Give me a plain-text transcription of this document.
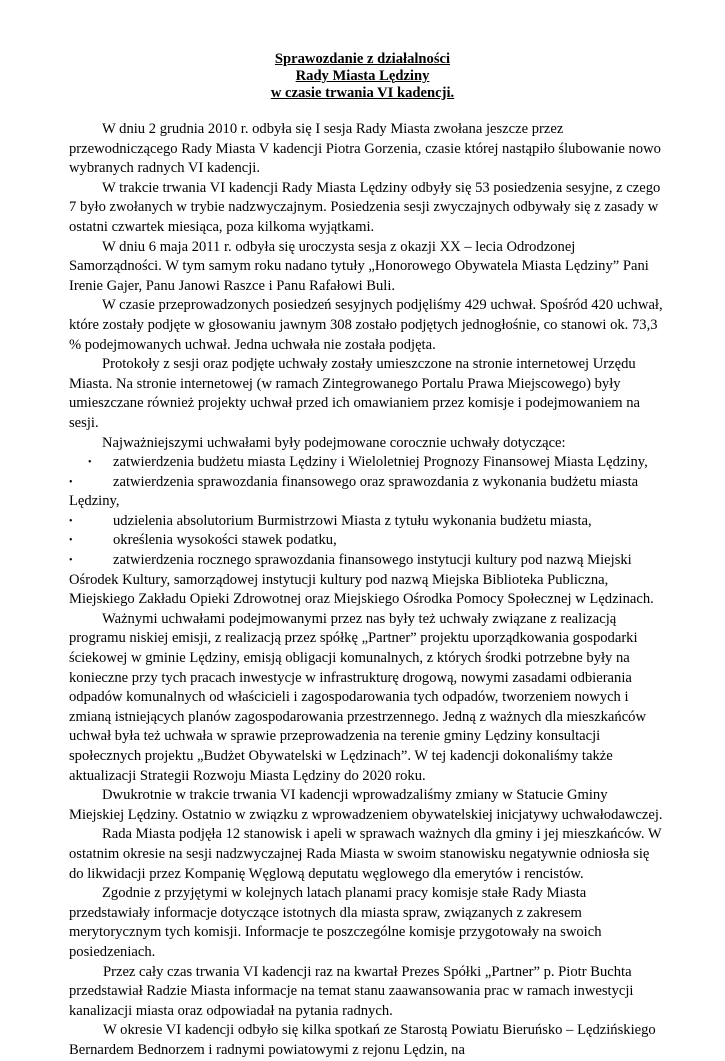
Sprawozdanie z działalności
Rady Miasta Lędziny
w czasie trwania VI kadencji.

W dniu 2 grudnia 2010 r. odbyła się I sesja Rady Miasta zwołana jeszcze przez przewodniczącego Rady Miasta V kadencji Piotra Gorzenia, czasie której nastąpiło ślubowanie nowo wybranych radnych VI kadencji.

W trakcie trwania VI kadencji Rady Miasta Lędziny odbyły się 53 posiedzenia sesyjne, z czego 7 było zwołanych w trybie nadzwyczajnym. Posiedzenia sesji zwyczajnych odbywały się z zasady w ostatni czwartek miesiąca, poza kilkoma wyjątkami.

W dniu 6 maja 2011 r. odbyła się uroczysta sesja z okazji XX – lecia Odrodzonej Samorządności. W tym samym roku nadano tytuły „Honorowego Obywatela Miasta Lędziny” Pani Irenie Gajer, Panu Janowi Raszce i Panu Rafałowi Buli.

W czasie przeprowadzonych posiedzeń sesyjnych podjęliśmy 429 uchwał. Spośród 420 uchwał, które zostały podjęte w głosowaniu jawnym 308 zostało podjętych jednogłośnie, co stanowi ok. 73,3 % podejmowanych uchwał. Jedna uchwała nie została podjęta.

Protokoły z sesji oraz podjęte uchwały zostały umieszczone na stronie internetowej Urzędu Miasta. Na stronie internetowej (w ramach Zintegrowanego Portalu Prawa Miejscowego) były umieszczane również projekty uchwał przed ich omawianiem przez komisje i podejmowaniem na sesji.

Najważniejszymi uchwałami były podejmowane corocznie uchwały dotyczące:

•	zatwierdzenia budżetu miasta Lędziny i Wieloletniej Prognozy Finansowej Miasta Lędziny,
•	zatwierdzenia sprawozdania finansowego oraz sprawozdania z wykonania budżetu miasta Lędziny,
•	udzielenia absolutorium Burmistrzowi Miasta z tytułu wykonania budżetu miasta,
•	określenia wysokości stawek podatku,
•	zatwierdzenia rocznego sprawozdania finansowego instytucji kultury pod nazwą Miejski Ośrodek Kultury, samorządowej instytucji kultury pod nazwą Miejska Biblioteka Publiczna, Miejskiego Zakładu Opieki Zdrowotnej oraz Miejskiego Ośrodka Pomocy Społecznej w Lędzinach.

Ważnymi uchwałami podejmowanymi przez nas były też uchwały związane z realizacją programu niskiej emisji, z realizacją przez spółkę „Partner” projektu uporządkowania gospodarki ściekowej w gminie Lędziny, emisją obligacji komunalnych, z których środki potrzebne były na konieczne przy tych pracach inwestycje w infrastrukturę drogową, nowymi zasadami odbierania odpadów komunalnych od właścicieli i zagospodarowania tych odpadów, tworzeniem nowych i zmianą istniejących planów zagospodarowania przestrzennego. Jedną z ważnych dla mieszkańców uchwał była też uchwała w sprawie przeprowadzenia na terenie gminy Lędziny konsultacji społecznych projektu „Budżet Obywatelski w Lędzinach”. W tej kadencji dokonaliśmy także aktualizacji Strategii Rozwoju Miasta Lędziny do 2020 roku.

Dwukrotnie w trakcie trwania VI kadencji wprowadzaliśmy zmiany w Statucie Gminy Miejskiej Lędziny. Ostatnio w związku z wprowadzeniem obywatelskiej inicjatywy uchwałodawczej.

Rada Miasta podjęła 12 stanowisk i apeli w sprawach ważnych dla gminy i jej mieszkańców. W ostatnim okresie na sesji nadzwyczajnej Rada Miasta w swoim stanowisku negatywnie odniosła się do likwidacji przez Kompanię Węglową deputatu węglowego dla emerytów i rencistów.

Zgodnie z przyjętymi w kolejnych latach planami pracy komisje stałe Rady Miasta przedstawiały informacje dotyczące istotnych dla miasta spraw, związanych z zakresem merytorycznym tych komisji. Informacje te poszczególne komisje przygotowały na swoich posiedzeniach.

Przez cały czas trwania VI kadencji raz na kwartał Prezes Spółki „Partner” p. Piotr Buchta przedstawiał Radzie Miasta informacje na temat stanu zaawansowania prac w ramach inwestycji kanalizacji miasta oraz odpowiadał na pytania radnych.

W okresie VI kadencji odbyło się kilka spotkań ze Starostą Powiatu Bieruńsko – Lędzińskiego Bernardem Bednorzem i radnymi powiatowymi z rejonu Lędzin, na
